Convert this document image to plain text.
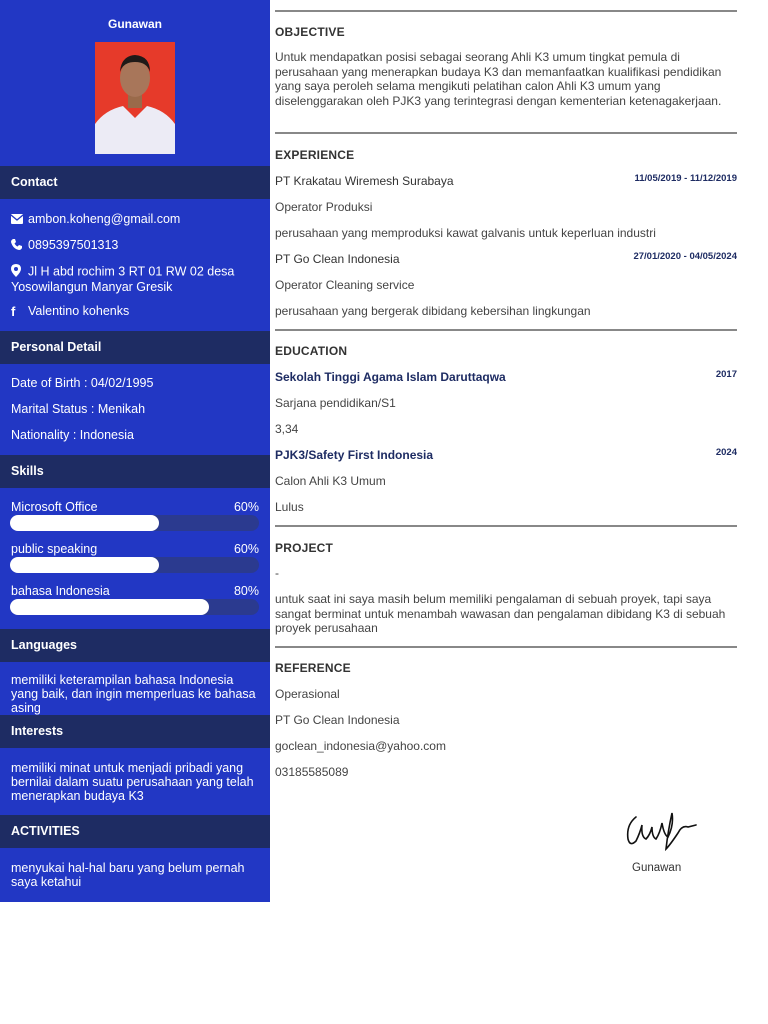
Gunawan
Contact
ambon.koheng@gmail.com
0895397501313
Jl H abd rochim 3 RT 01 RW 02 desa Yosowilangun Manyar Gresik
f Valentino kohenks
Personal Detail
Date of Birth : 04/02/1995
Marital Status : Menikah
Nationality : Indonesia
Skills
Microsoft Office	60%
public speaking	60%
bahasa Indonesia	80%
Languages
memiliki keterampilan bahasa Indonesia yang baik, dan ingin memperluas ke bahasa asing
Interests
memiliki minat untuk menjadi pribadi yang bernilai dalam suatu perusahaan yang telah menerapkan budaya K3
ACTIVITIES
menyukai hal-hal baru yang belum pernah saya ketahui
OBJECTIVE
Untuk mendapatkan posisi sebagai seorang Ahli K3 umum tingkat pemula di perusahaan yang menerapkan budaya K3 dan memanfaatkan kualifikasi pendidikan yang saya peroleh selama mengikuti pelatihan calon Ahli K3 umum yang diselenggarakan oleh PJK3 yang terintegrasi dengan kementerian ketenagakerjaan.
EXPERIENCE
PT Krakatau Wiremesh Surabaya	11/05/2019 - 11/12/2019
Operator Produksi
perusahaan yang memproduksi kawat galvanis untuk keperluan industri
PT Go Clean Indonesia	27/01/2020 - 04/05/2024
Operator Cleaning service
perusahaan yang bergerak dibidang kebersihan lingkungan
EDUCATION
Sekolah Tinggi Agama Islam Daruttaqwa	2017
Sarjana pendidikan/S1
3,34
PJK3/Safety First Indonesia	2024
Calon Ahli K3 Umum
Lulus
PROJECT
-
untuk saat ini saya masih belum memiliki pengalaman di sebuah proyek, tapi saya sangat berminat untuk menambah wawasan dan pengalaman dibidang K3 di sebuah proyek perusahaan
REFERENCE
Operasional
PT Go Clean Indonesia
goclean_indonesia@yahoo.com
03185585089
Gunawan
